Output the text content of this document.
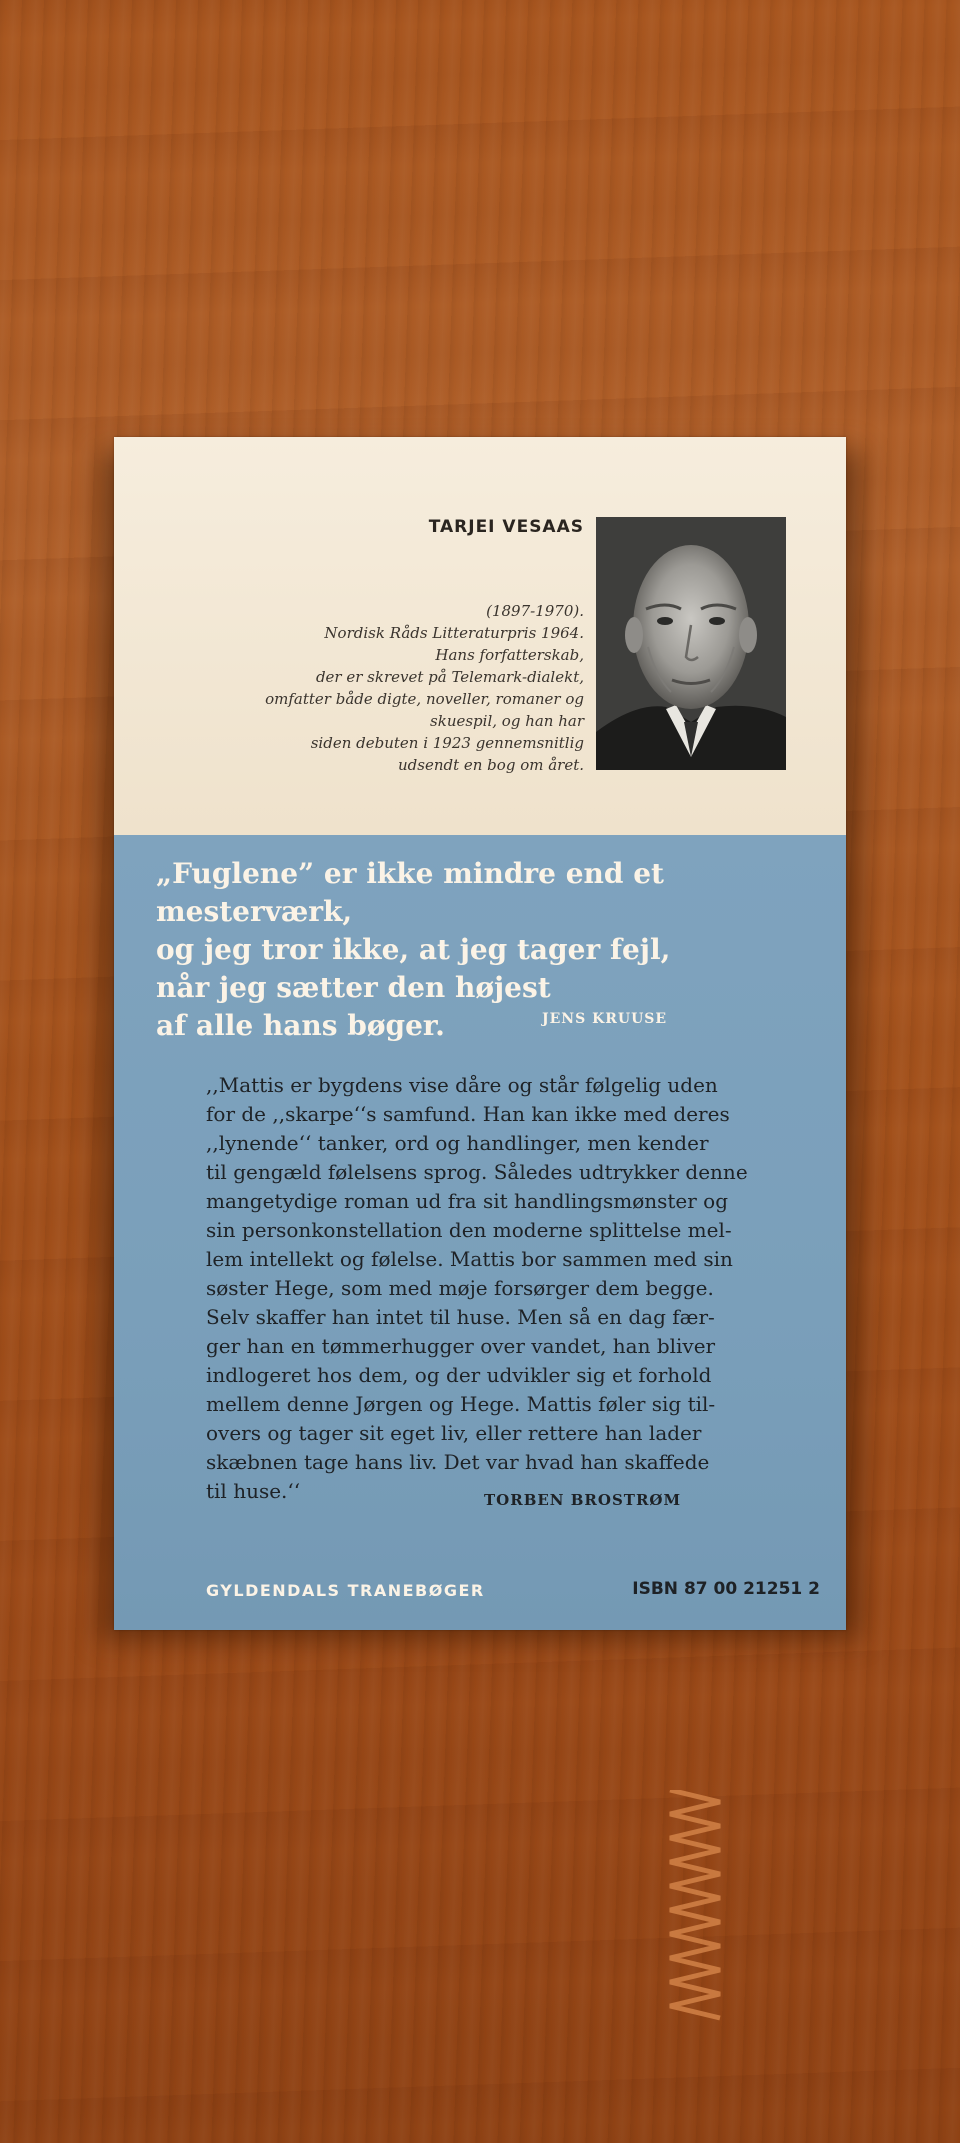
TARJEI VESAAS
(1897-1970).
Nordisk Råds Litteraturpris 1964.
Hans forfatterskab,
der er skrevet på Telemark-dialekt,
omfatter både digte, noveller, romaner og
skuespil, og han har
siden debuten i 1923 gennemsnitlig
udsendt en bog om året.
„Fuglene” er ikke mindre end et
mesterværk,
og jeg tror ikke, at jeg tager fejl,
når jeg sætter den højest
af alle hans bøger.	JENS KRUUSE
,,Mattis er bygdens vise dåre og står følgelig uden
for de ,,skarpe‘‘s samfund. Han kan ikke med deres
,,lynende‘‘ tanker, ord og handlinger, men kender
til gengæld følelsens sprog. Således udtrykker denne
mangetydige roman ud fra sit handlingsmønster og
sin personkonstellation den moderne splittelse mel-
lem intellekt og følelse. Mattis bor sammen med sin
søster Hege, som med møje forsørger dem begge.
Selv skaffer han intet til huse. Men så en dag fær-
ger han en tømmerhugger over vandet, han bliver
indlogeret hos dem, og der udvikler sig et forhold
mellem denne Jørgen og Hege. Mattis føler sig til-
overs og tager sit eget liv, eller rettere han lader
skæbnen tage hans liv. Det var hvad han skaffede
til huse.‘‘	TORBEN BROSTRØM
GYLDENDALS TRANEBØGER	ISBN 87 00 21251 2
